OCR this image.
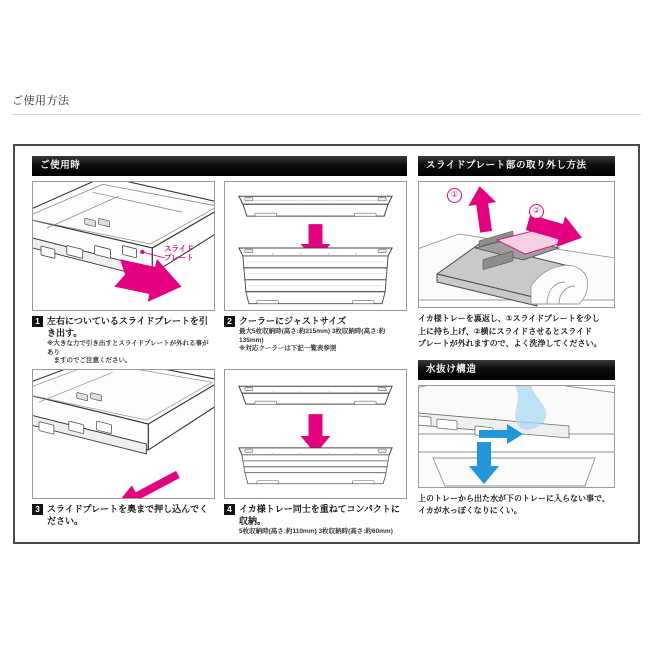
ご使用方法
ご使用時
スライド
プレート
1 左右についているスライドプレートを引き出す。
※大きな力で引き出すとスライドプレートが外れる事があり
　ますのでご注意ください。
2 クーラーにジャストサイズ
最大5枚収納時(高さ:約215mm) 3枚収納時(高さ:約135mm)
※対応クーラーは下記一覧表参照
3 スライドプレートを奥まで押し込んでください。
4 イカ様トレー同士を重ねてコンパクトに収納。
5枚収納時(高さ:約110mm) 3枚収納時(高さ:約60mm)
スライドプレート部の取り外し方法
①
②
イカ様トレーを裏返し、①スライドプレートを少し
上に持ち上げ、②横にスライドさせるとスライド
プレートが外れますので、よく洗浄してください。
水抜け構造
上のトレーから出た水が下のトレーに入らない事で、
イカが水っぽくなりにくい。
